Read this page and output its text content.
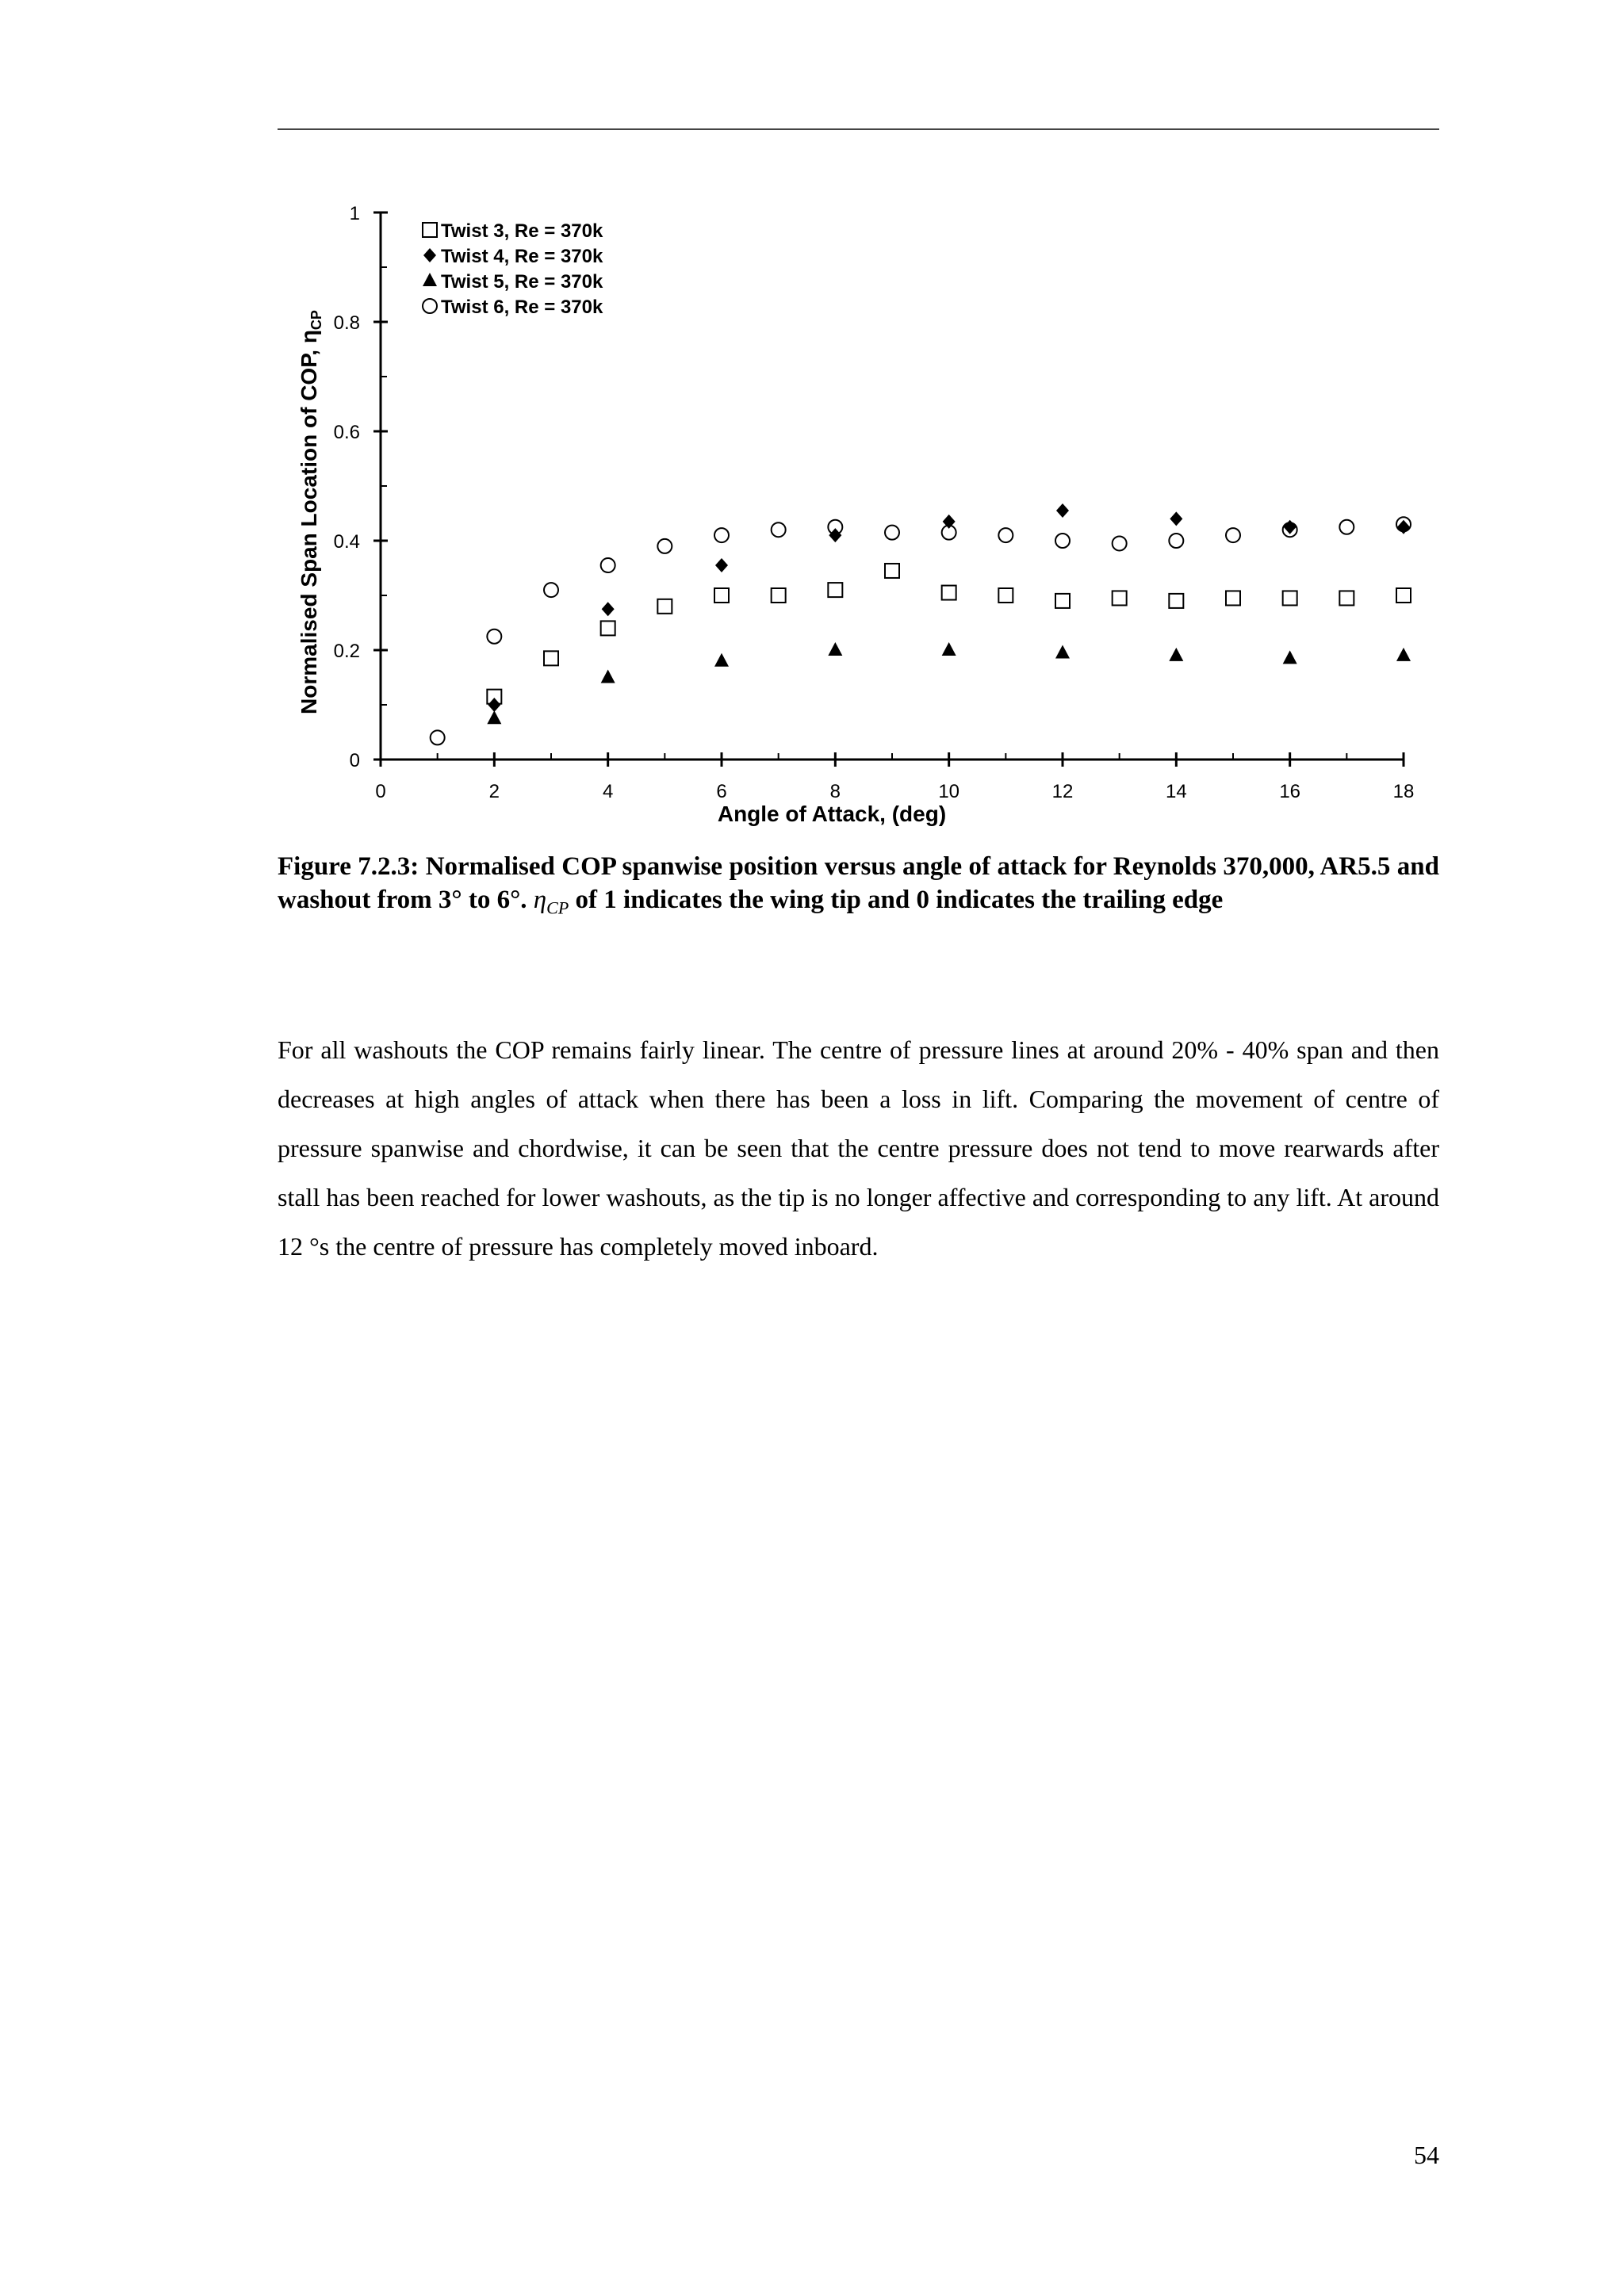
0
0.2
0.4
0.6
0.8
1
0	2	4	6	8	10	12	14	16	18
Twist 3, Re = 370k
Twist 4, Re = 370k
Twist 5, Re = 370k
Twist 6, Re = 370k
Angle of Attack, (deg)
Normalised Span Location of COP, $\eta_{CP}$

Figure 7.2.3: Normalised COP spanwise position versus angle of attack for Reynolds 370,000, AR5.5 and washout from 3° to 6°. $\eta_{CP}$ of 1 indicates the wing tip and 0 indicates the trailing edge

For all washouts the COP remains fairly linear. The centre of pressure lines at around 20% - 40% span and then decreases at high angles of attack when there has been a loss in lift. Comparing the movement of centre of pressure spanwise and chordwise, it can be seen that the centre pressure does not tend to move rearwards after stall has been reached for lower washouts, as the tip is no longer affective and corresponding to any lift. At around 12 °s the centre of pressure has completely moved inboard.

54
